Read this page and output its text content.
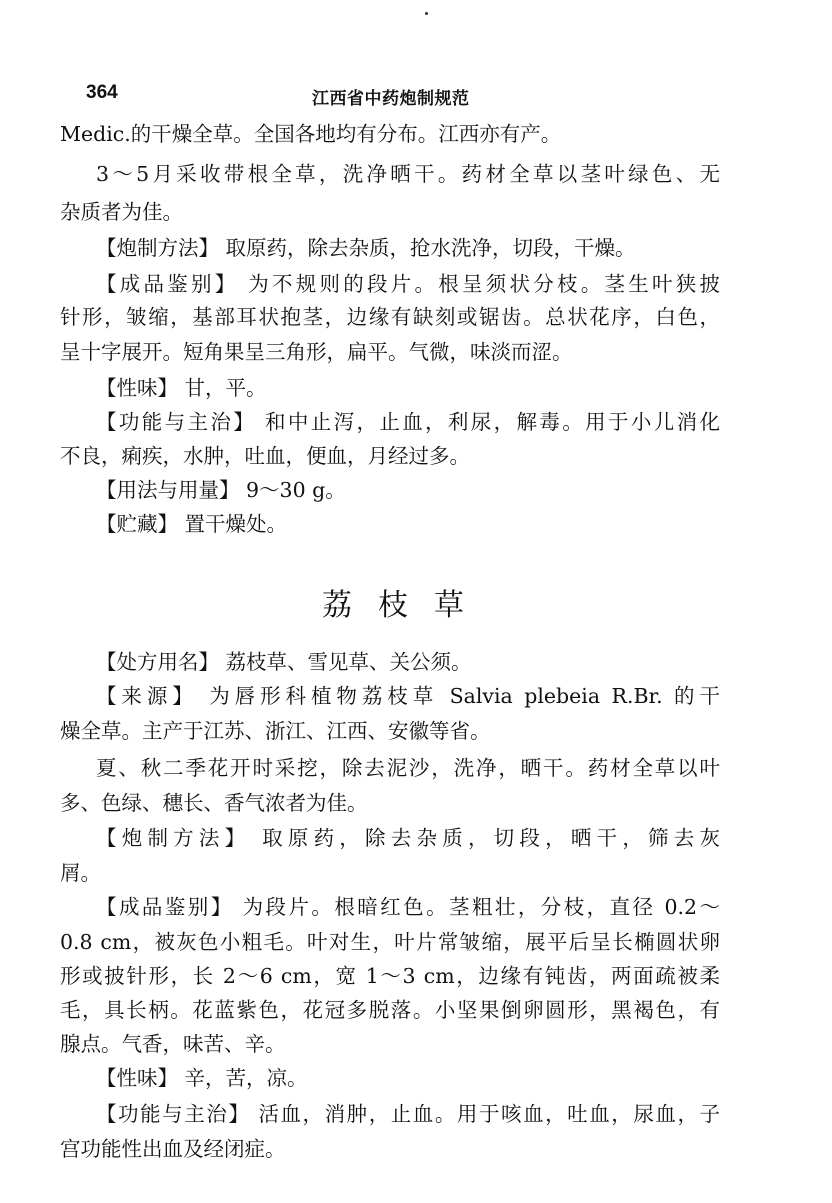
364	江西省中药炮制规范
Medic.的干燥全草。全国各地均有分布。江西亦有产。
3～5月采收带根全草，洗净晒干。药材全草以茎叶绿色、无
杂质者为佳。
【炮制方法】 取原药，除去杂质，抢水洗净，切段，干燥。
【成品鉴别】 为不规则的段片。根呈须状分枝。茎生叶狭披
针形，皱缩，基部耳状抱茎，边缘有缺刻或锯齿。总状花序，白色，
呈十字展开。短角果呈三角形，扁平。气微，味淡而涩。
【性味】 甘，平。
【功能与主治】 和中止泻，止血，利尿，解毒。用于小儿消化
不良，痢疾，水肿，吐血，便血，月经过多。
【用法与用量】 9～30 g。
【贮藏】 置干燥处。
荔枝草
【处方用名】 荔枝草、雪见草、关公须。
【来源】 为唇形科植物荔枝草 Salvia plebeia R.Br. 的干
燥全草。主产于江苏、浙江、江西、安徽等省。
夏、秋二季花开时采挖，除去泥沙，洗净，晒干。药材全草以叶
多、色绿、穗长、香气浓者为佳。
【炮制方法】 取原药，除去杂质，切段，晒干，筛去灰
屑。
【成品鉴别】 为段片。根暗红色。茎粗壮，分枝，直径 0.2～
0.8 cm，被灰色小粗毛。叶对生，叶片常皱缩，展平后呈长椭圆状卵
形或披针形，长 2～6 cm，宽 1～3 cm，边缘有钝齿，两面疏被柔
毛，具长柄。花蓝紫色，花冠多脱落。小坚果倒卵圆形，黑褐色，有
腺点。气香，味苦、辛。
【性味】 辛，苦，凉。
【功能与主治】 活血，消肿，止血。用于咳血，吐血，尿血，子
宫功能性出血及经闭症。
